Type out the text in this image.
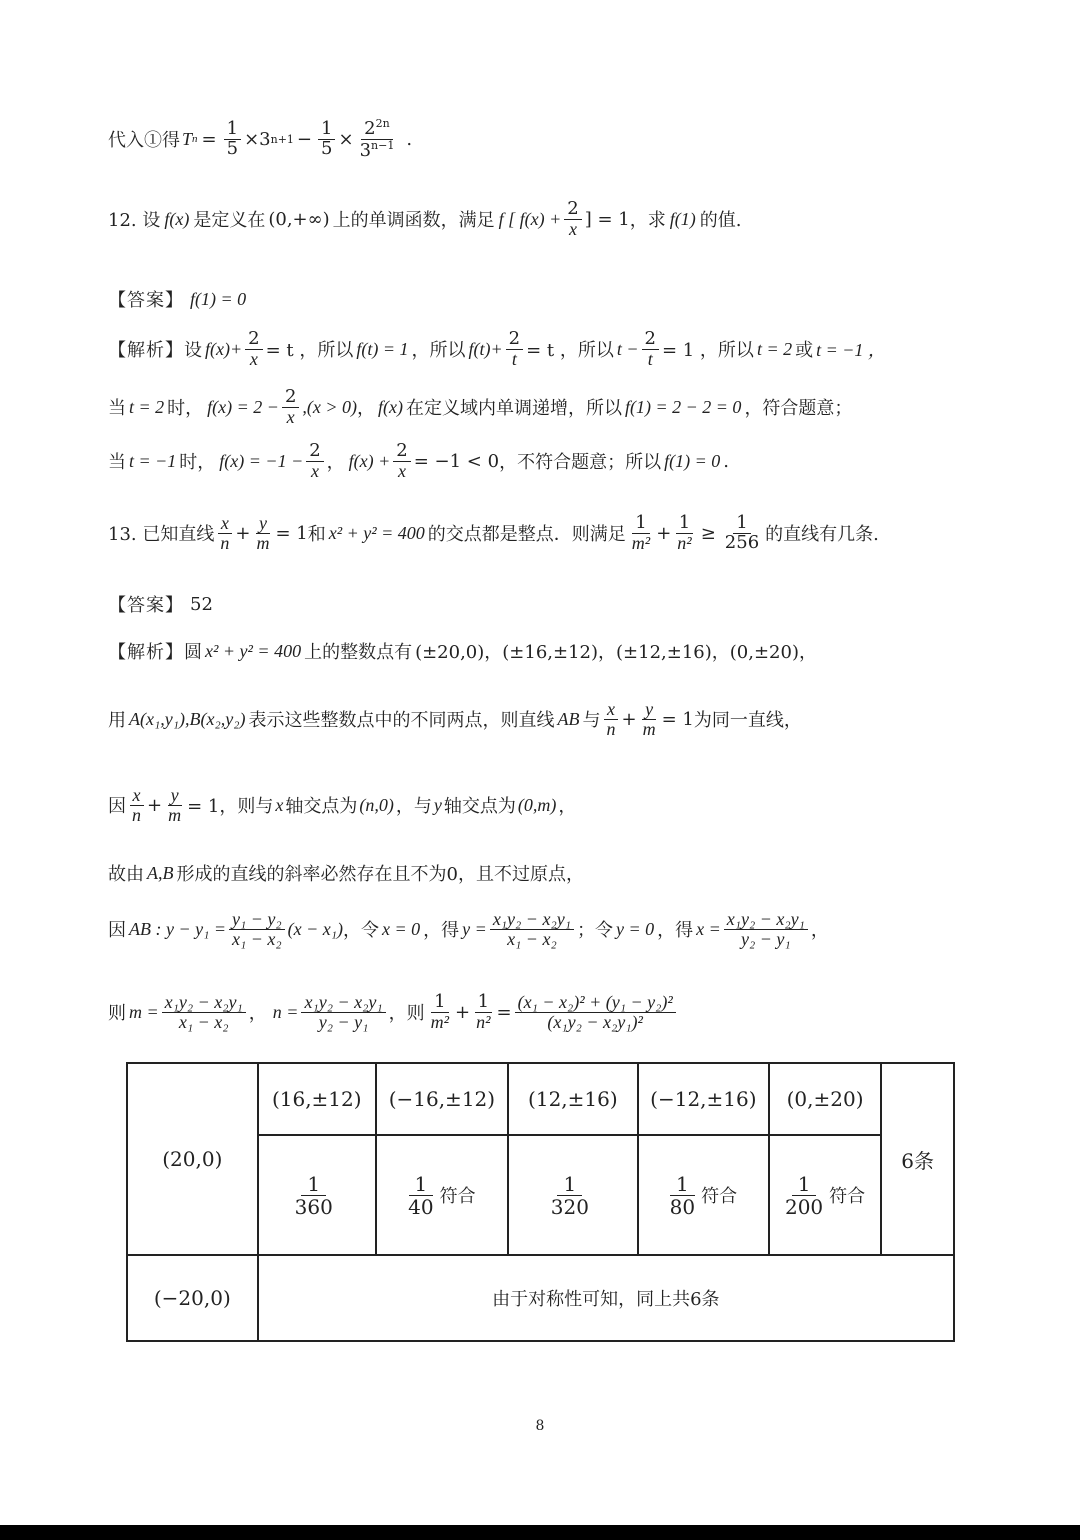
代入①得 T $n = \frac{1}{5} \times 3$ $n+1 - \frac{1}{5} \times \frac{2^{2n}}{3^{n-1}}$ .
12. 设 f(x) 是定义在 (0,+∞) 上的单调函数，满足 f [ $f(x) + \frac{2}{x}$ ] = 1 ，求 f(1) 的值.
【答案】 f(1) = 0
【解析】 设 $f(x)+ \frac{2}{x} = t$ ，所以 f(t) = 1 ，所以 $f(t)+ \frac{2}{t} = t$ ，所以 $t - \frac{2}{t} = 1$ ，所以 t = 2 或 t = −1 ，
当 t = 2 时， $f(x) = 2 - \frac{2}{x} ,(x > 0)$ ， f(x) 在定义域内单调递增，所以 f(1) = 2 − 2 = 0 ，符合题意；
当 t = −1 时， $f(x) = -1 - \frac{2}{x}$ ， $f(x) + \frac{2}{x} = -1 < 0$ ，不符合题意；所以 f(1) = 0 .
13. 已知直线 $\frac{x}{n} + \frac{y}{m} = 1$ 和 x² + y² = 400 的交点都是整点．则满足 $\frac{1}{\text{m²}} + \frac{1}{\text{n²}} \ge \frac{1}{256}$ 的直线有几条.
【答案】 52
【解析】 圆 x² + y² = 400 上的整数点有 (±20,0)，(±16,±12)，(±12,±16)，(0,±20)，
用 A(x₁,y₁),B(x₂,y₂) 表示这些整数点中的不同两点，则直线 AB 与 $\frac{x}{n} + \frac{y}{m} = 1$ 为同一直线，
因 $\frac{x}{n} + \frac{y}{m} = 1$，则与 x 轴交点为 (n,0) ，与 y 轴交点为 (0,m) ，
故由 A,B 形成的直线的斜率必然存在且不为0，且不过原点，
因 AB : $y - y_1 = \frac{\text{y₁ − y₂}}{\text{x₁ − x₂}} (x - x_1)$ ，令 x = 0 ，得 $y = \frac{\text{x₁y₂ − x₂y₁}}{\text{x₁ − x₂}}$ ；令 y = 0 ，得 $x = \frac{\text{x₁y₂ − x₂y₁}}{\text{y₂ − y₁}}$ ，
则 $m = \frac{\text{x₁y₂ − x₂y₁}}{\text{x₁ − x₂}}$ ， $n = \frac{\text{x₁y₂ − x₂y₁}}{\text{y₂ − y₁}}$ ，则 $\frac{1}{\text{m²}} + \frac{1}{\text{n²}} = \frac{\text{(x₁ − x₂)² + (y₁ − y₂)²}}{\text{(x₁y₂ − x₂y₁)²}}$
(20,0)	(16,±12)	(−16,±12)	(12,±16)	(−12,±16)	(0,±20)	6条

	$\frac{1}{360}$	$\frac{1}{40}$ 符合	$\frac{1}{320}$	$\frac{1}{80}$ 符合	$\frac{1}{200}$ 符合	
(−20,0)	由于对称性可知，同上共6条					
8
